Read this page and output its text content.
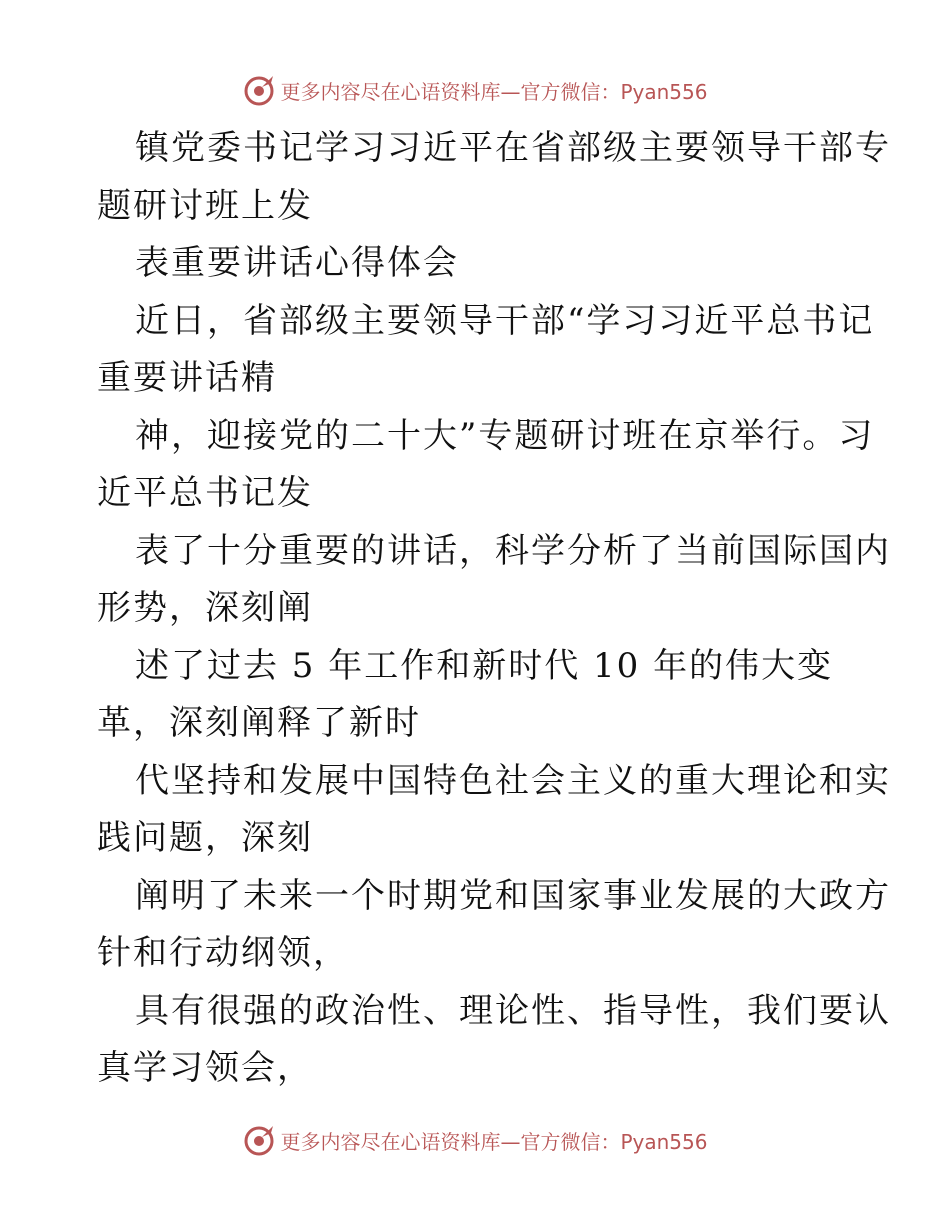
更多内容尽在心语资料库—官方微信：Pyan556
镇党委书记学习习近平在省部级主要领导干部专
题研讨班上发
表重要讲话心得体会
近日，省部级主要领导干部“学习习近平总书记
重要讲话精
神，迎接党的二十大”专题研讨班在京举行。习
近平总书记发
表了十分重要的讲话，科学分析了当前国际国内
形势，深刻阐
述了过去 5 年工作和新时代 10 年的伟大变
革，深刻阐释了新时
代坚持和发展中国特色社会主义的重大理论和实
践问题，深刻
阐明了未来一个时期党和国家事业发展的大政方
针和行动纲领，
具有很强的政治性、理论性、指导性，我们要认
真学习领会，
更多内容尽在心语资料库—官方微信：Pyan556
